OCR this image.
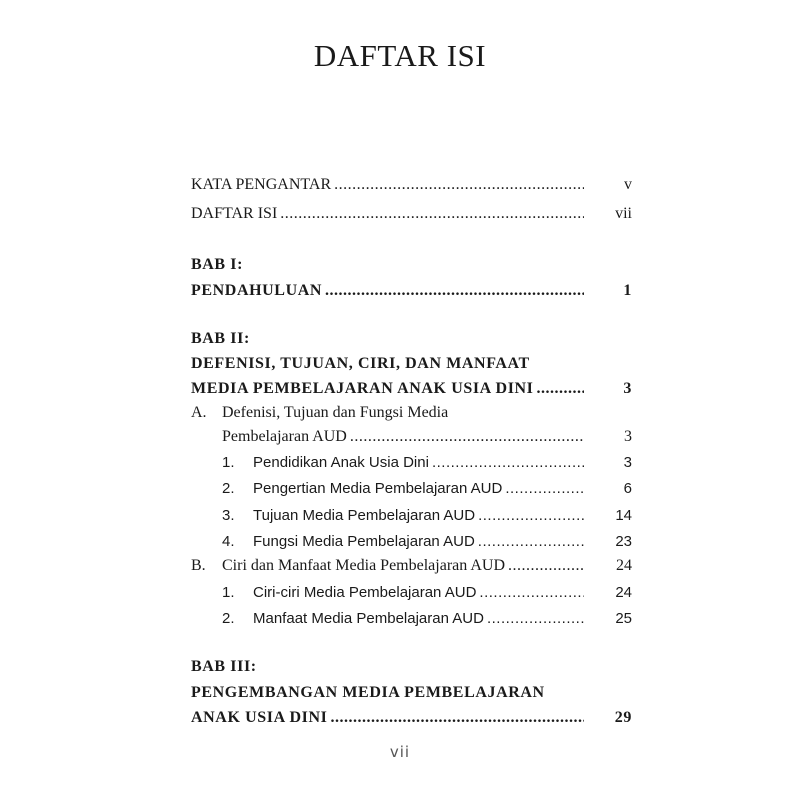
DAFTAR ISI
KATA PENGANTAR .....	v
DAFTAR ISI .....	vii
BAB I:
PENDAHULUAN .....	1
BAB II:
DEFENISI, TUJUAN, CIRI, DAN MANFAAT
MEDIA PEMBELAJARAN ANAK USIA DINI .....	3
A. Defenisi, Tujuan dan Fungsi Media
Pembelajaran AUD .....	3
1. Pendidikan Anak Usia Dini .....	3
2. Pengertian Media Pembelajaran AUD .....	6
3. Tujuan Media Pembelajaran AUD .....	14
4. Fungsi Media Pembelajaran AUD .....	23
B. Ciri dan Manfaat Media Pembelajaran AUD .....	24
1. Ciri-ciri Media Pembelajaran AUD .....	24
2. Manfaat Media Pembelajaran AUD .....	25
BAB III:
PENGEMBANGAN MEDIA PEMBELAJARAN
ANAK USIA DINI .....	29
vii
